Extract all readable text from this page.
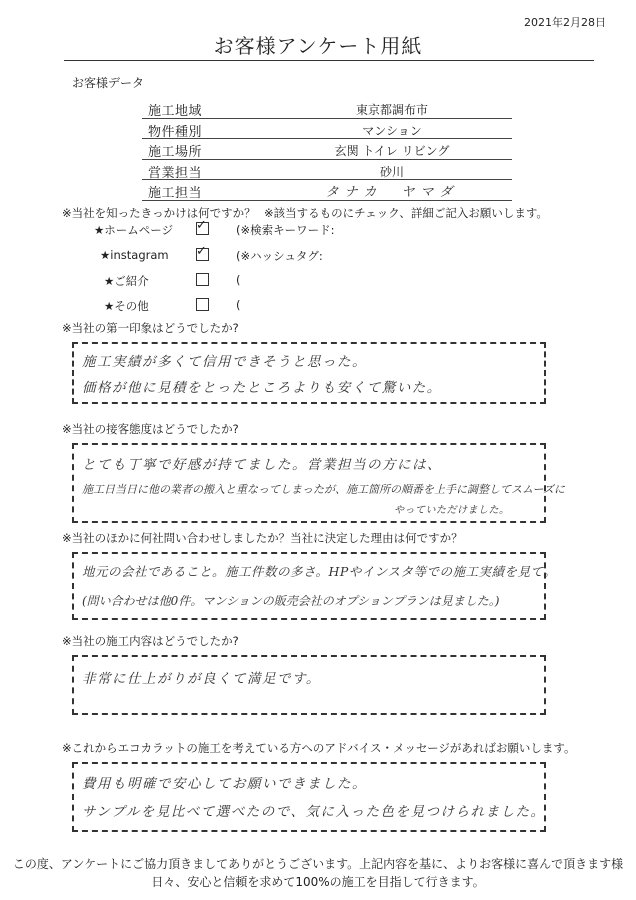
2021年2月28日
お客様アンケート用紙
お客様データ
施工地域	東京都調布市
物件種別	マンション
施工場所	玄関 トイレ リビング
営業担当	砂川
施工担当	タナカ　ヤマダ
※当社を知ったきっかけは何ですか？ ※該当するものにチェック、詳細ご記入お願いします。
★ホームページ ✓	(※検索キーワード:
★instagram ✓	(※ハッシュタグ:
★ご紹介	(
★その他	(
※当社の第一印象はどうでしたか?
施工実績が多くて信用できそうと思った。
価格が他に見積をとったところよりも安くて驚いた。
※当社の接客態度はどうでしたか?
とても丁寧で好感が持てました。営業担当の方には、
施工日当日に他の業者の搬入と重なってしまったが、施工箇所の順番を上手に調整してスムーズに
やっていただけました。
※当社のほかに何社問い合わせしましたか？当社に決定した理由は何ですか？
地元の会社であること。施工件数の多さ。HPやインスタ等での施工実績を見て。
(問い合わせは他0件。マンションの販売会社のオプションプランは見ました。)
※当社の施工内容はどうでしたか?
非常に仕上がりが良くて満足です。
※これからエコカラットの施工を考えている方へのアドバイス・メッセージがあればお願いします。
費用も明確で安心してお願いできました。
サンプルを見比べて選べたので、気に入った色を見つけられました。
この度、アンケートにご協力頂きましてありがとうございます。上記内容を基に、よりお客様に喜んで頂きます様
日々、安心と信頼を求めて100%の施工を目指して行きます。
